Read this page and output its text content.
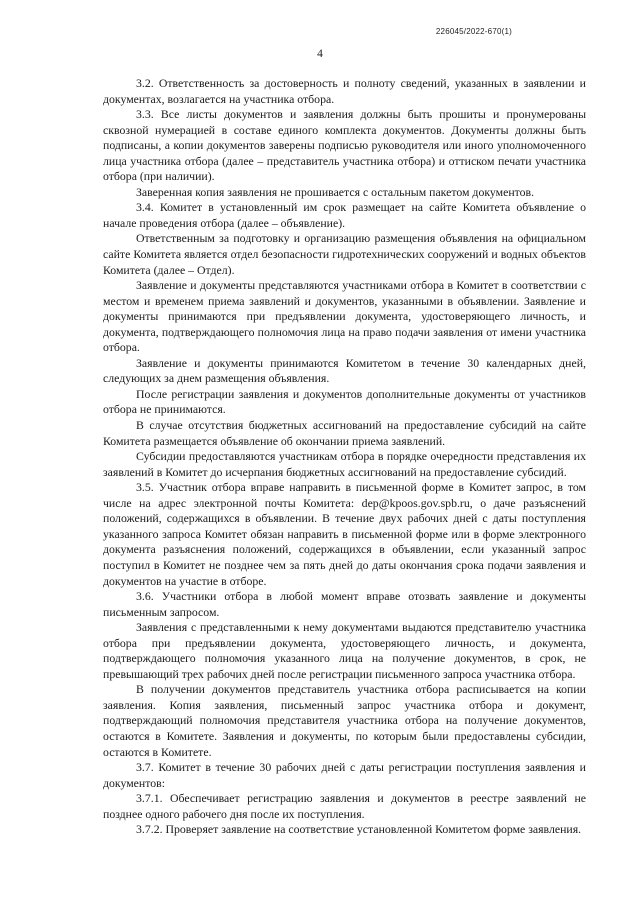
226045/2022-670(1)
4

3.2. Ответственность за достоверность и полноту сведений, указанных в заявлении и документах, возлагается на участника отбора.

3.3. Все листы документов и заявления должны быть прошиты и пронумерованы сквозной нумерацией в составе единого комплекта документов. Документы должны быть подписаны, а копии документов заверены подписью руководителя или иного уполномоченного лица участника отбора (далее – представитель участника отбора) и оттиском печати участника отбора (при наличии).

Заверенная копия заявления не прошивается с остальным пакетом документов.

3.4. Комитет в установленный им срок размещает на сайте Комитета объявление о начале проведения отбора (далее – объявление).

Ответственным за подготовку и организацию размещения объявления на официальном сайте Комитета является отдел безопасности гидротехнических сооружений и водных объектов Комитета (далее – Отдел).

Заявление и документы представляются участниками отбора в Комитет в соответствии с местом и временем приема заявлений и документов, указанными в объявлении. Заявление и документы принимаются при предъявлении документа, удостоверяющего личность, и документа, подтверждающего полномочия лица на право подачи заявления от имени участника отбора.

Заявление и документы принимаются Комитетом в течение 30 календарных дней, следующих за днем размещения объявления.

После регистрации заявления и документов дополнительные документы от участников отбора не принимаются.

В случае отсутствия бюджетных ассигнований на предоставление субсидий на сайте Комитета размещается объявление об окончании приема заявлений.

Субсидии предоставляются участникам отбора в порядке очередности представления их заявлений в Комитет до исчерпания бюджетных ассигнований на предоставление субсидий.

3.5. Участник отбора вправе направить в письменной форме в Комитет запрос, в том числе на адрес электронной почты Комитета: dep@kpoos.gov.spb.ru, о даче разъяснений положений, содержащихся в объявлении. В течение двух рабочих дней с даты поступления указанного запроса Комитет обязан направить в письменной форме или в форме электронного документа разъяснения положений, содержащихся в объявлении, если указанный запрос поступил в Комитет не позднее чем за пять дней до даты окончания срока подачи заявления и документов на участие в отборе.

3.6. Участники отбора в любой момент вправе отозвать заявление и документы письменным запросом.

Заявления с представленными к нему документами выдаются представителю участника отбора при предъявлении документа, удостоверяющего личность, и документа, подтверждающего полномочия указанного лица на получение документов, в срок, не превышающий трех рабочих дней после регистрации письменного запроса участника отбора.

В получении документов представитель участника отбора расписывается на копии заявления. Копия заявления, письменный запрос участника отбора и документ, подтверждающий полномочия представителя участника отбора на получение документов, остаются в Комитете. Заявления и документы, по которым были предоставлены субсидии, остаются в Комитете.

3.7. Комитет в течение 30 рабочих дней с даты регистрации поступления заявления и документов:

3.7.1. Обеспечивает регистрацию заявления и документов в реестре заявлений не позднее одного рабочего дня после их поступления.

3.7.2. Проверяет заявление на соответствие установленной Комитетом форме заявления.
